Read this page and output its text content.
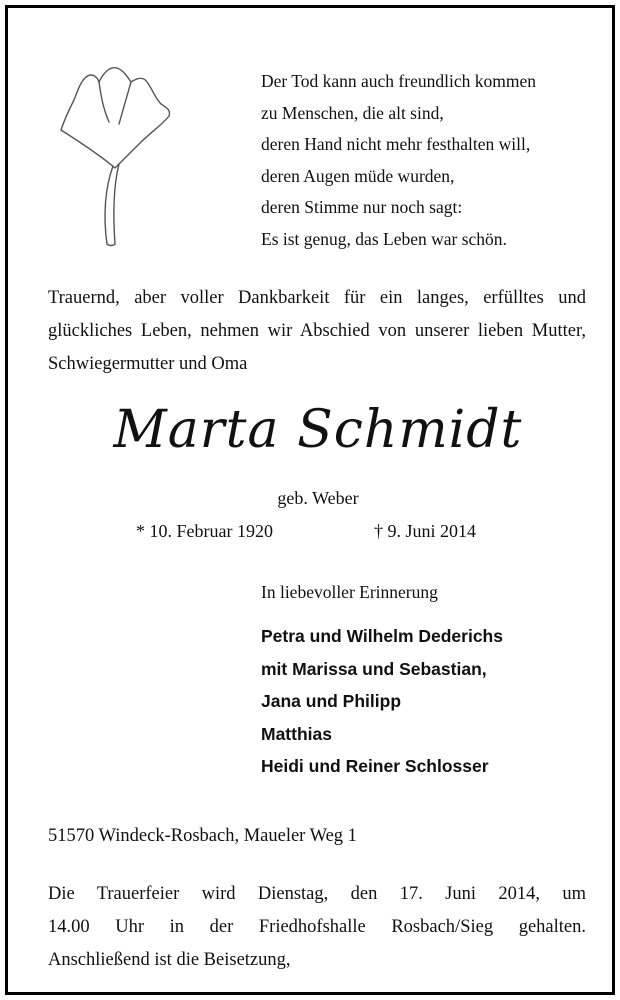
Der Tod kann auch freundlich kommen
zu Menschen, die alt sind,
deren Hand nicht mehr festhalten will,
deren Augen müde wurden,
deren Stimme nur noch sagt:
Es ist genug, das Leben war schön.
Trauernd, aber voller Dankbarkeit für ein langes, erfülltes und glückliches Leben, nehmen wir Abschied von unserer lieben Mutter, Schwiegermutter und Oma
Marta Schmidt
geb. Weber
* 10. Februar 1920	† 9. Juni 2014
In liebevoller Erinnerung
Petra und Wilhelm Dederichs
mit Marissa und Sebastian,
Jana und Philipp
Matthias
Heidi und Reiner Schlosser
51570 Windeck-Rosbach, Maueler Weg 1
Die Trauerfeier wird Dienstag, den 17. Juni 2014, um
14.00 Uhr in der Friedhofshalle Rosbach/Sieg gehalten.
Anschließend ist die Beisetzung,
